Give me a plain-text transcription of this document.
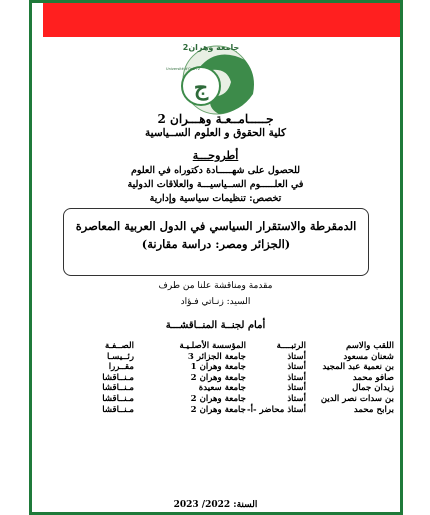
ج
جامعة وهران2
Université d'Oran 2
جـــــامــعـة وهـــران 2
كلية الحقوق و العلوم الســياسية
أطروحـــة
للحصول على شهـــــادة دكتوراه في العلوم
في العلـــــوم الســياسيـــة والعلاقات الدولية
تخصص: تنظيمات سياسية وإدارية
الدمقرطة والاستقرار السياسي في الدول العربية المعاصرة
(الجزائر ومصر: دراسة مقارنة)
مقدمة ومناقشة علنا من طرف
السيد: زنـاتي فـؤاد
أمام لجنــة المنــاقشـــة
اللقب والاسم
الرتبــــة
المؤسسة الأصلـيـة
الصــفـة
شعنان مسعود
أستاذ
جامعة الجزائر 3
رئــيسـا
بن نعمية عبد المجيد
أستاذ
جامعة وهران 1
مقــررا
صافو محمد
أستاذ
جامعة وهران 2
مـنــاقشا
زيدان جمال
أستاذ
جامعة سعيدة
مـنــاقشا
بن سدات نصر الدين
أستاذ
جامعة وهران 2
مـنــاقشا
برابح محمد
أستاذ محاضر -أ-
جامعة وهران 2
مـنــاقشا
السنة: 2022/ 2023
